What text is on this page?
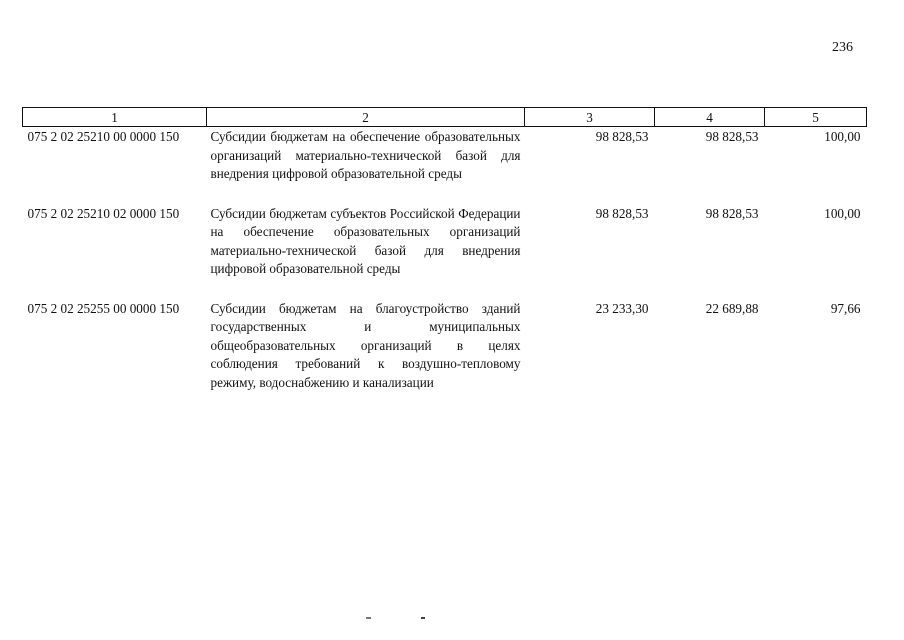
236
1	2	3	4	5
075 2 02 25210 00 0000 150	Субсидии бюджетам на обеспечение образовательных организаций материально-технической базой для внедрения цифровой образовательной среды	98 828,53	98 828,53	100,00

075 2 02 25210 02 0000 150	Субсидии бюджетам субъектов Российской Федерации на обеспечение образовательных организаций материально-технической базой для внедрения цифровой образовательной среды	98 828,53	98 828,53	100,00

075 2 02 25255 00 0000 150	Субсидии бюджетам на благоустройство зданий государственных и муниципальных общеобразовательных организаций в целях соблюдения требований к воздушно-тепловому режиму, водоснабжению и канализации	23 233,30	22 689,88	97,66
